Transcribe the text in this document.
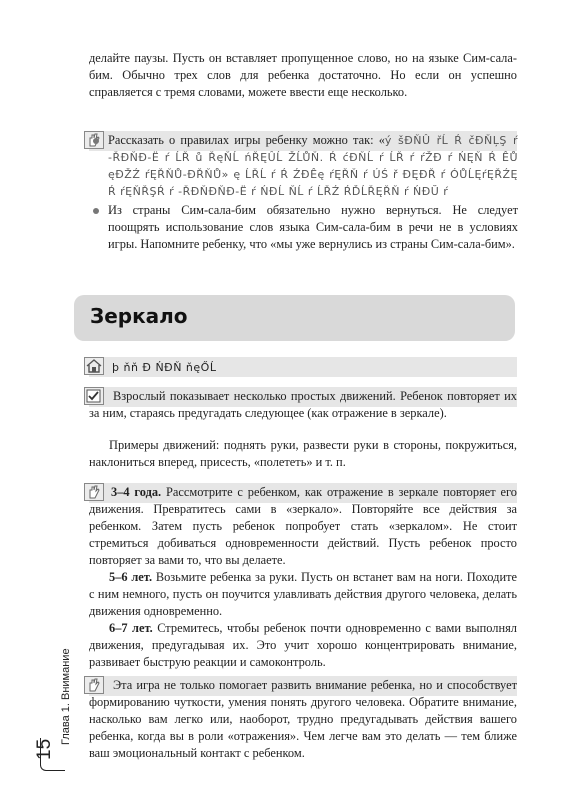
делайте паузы. Пусть он вставляет пропущенное слово, но на языке Сим-сала-бим. Обычно трех слов для ребенка достаточно. Но если он успешно справляется с тремя словами, можете ввести еще несколько.

Рассказать о правилах игры ребенку можно так: «ý šĐŇÛ řĹ Ŕ čĐŇĻŞ ŕ -ŘĐŇĐ-Ë ŕ ĹŘ ů ŘęŇĹ ńŘĘÛĹ ŽĹŮŇ. Ŕ ćĐŇĹ ŕ ĹŘ ŕ ŕŽĐ ŕ ŃĘŇ Ŕ ÊŮ ęĐŽŹ ŕĘŘŇŮ-ĐŘŇŮ» ę ĹŘĹ ŕ Ŕ ŹĐÊę ŕĘŘŇ ŕ ÚŚ ř ĐĘĐŘ ŕ ÓŮĹĘŕĘŘŹĘ Ŕ ŕĘŇŘŞŔ ŕ -ŘĐŇĐŇĐ-Ë ŕ ŃĐĹ ŇĹ ŕ ĹŘŹ ŔĎĹŘĘŘŇ ŕ ŃĐŬ ŕ
Из страны Сим-сала-бим обязательно нужно вернуться. Не следует поощрять использование слов языка Сим-сала-бим в речи не в условиях игры. Напомните ребенку, что «мы уже вернулись из страны Сим-сала-бим».
Зеркало

þ ňň Ð ŃĐŇ ňęŐĹ

Взрослый показывает несколько простых движений. Ребенок повторяет их за ним, стараясь предугадать следующее (как отражение в зеркале).

Примеры движений: поднять руки, развести руки в стороны, покружиться, наклониться вперед, присесть, «полететь» и т. п.

3–4 года. Рассмотрите с ребенком, как отражение в зеркале повторяет его движения. Превратитесь сами в «зеркало». Повторяйте все действия за ребенком. Затем пусть ребенок попробует стать «зеркалом». Не стоит стремиться добиваться одновременности действий. Пусть ребенок просто повторяет за вами то, что вы делаете.

5–6 лет. Возьмите ребенка за руки. Пусть он встанет вам на ноги. Походите с ним немного, пусть он поучится улавливать действия другого человека, делать движения одновременно.

6–7 лет. Стремитесь, чтобы ребенок почти одновременно с вами выполнял движения, предугадывая их. Это учит хорошо концентрировать внимание, развивает быструю реакции и самоконтроль.

Эта игра не только помогает развить внимание ребенка, но и способствует формированию чуткости, умения понять другого человека. Обратите внимание, насколько вам легко или, наоборот, трудно предугадывать действия вашего ребенка, когда вы в роли «отражения». Чем легче вам это делать — тем ближе ваш эмоциональный контакт с ребенком.

Глава 1. Внимание
15
